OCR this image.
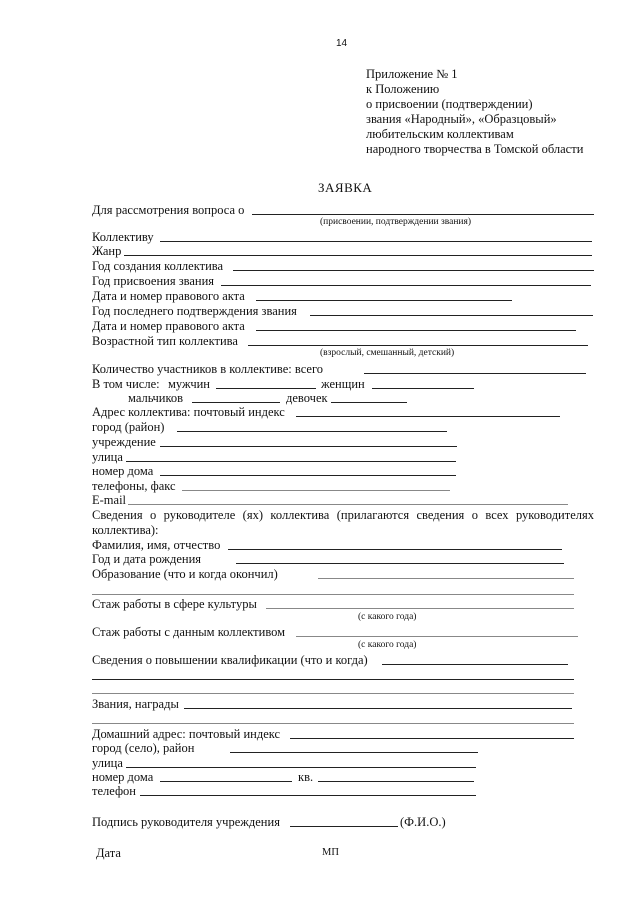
14
Приложение № 1
к Положению
о присвоении (подтверждении)
звания «Народный», «Образцовый»
любительским коллективам
народного творчества в Томской области
ЗАЯВКА
Для рассмотрения вопроса о
(присвоении, подтверждении звания)
Коллективу
Жанр
Год создания коллектива
Год присвоения звания
Дата и номер правового акта
Год последнего подтверждения звания
Дата и номер правового акта
Возрастной тип коллектива
(взрослый, смешанный, детский)
Количество участников в коллективе: всего
В том числе: мужчин	женщин
мальчиков	девочек
Адрес коллектива: почтовый индекс
город (район)
учреждение
улица
номер дома
телефоны, факс
E-mail
Сведения о руководителе (ях) коллектива (прилагаются сведения о всех руководителях коллектива):
Фамилия, имя, отчество
Год и дата рождения
Образование (что и когда окончил)
Стаж работы в сфере культуры
(с какого года)
Стаж работы с данным коллективом
(с какого года)
Сведения о повышении квалификации (что и когда)
Звания, награды
Домашний адрес: почтовый индекс
город (село), район
улица
номер дома	кв.
телефон
Подпись руководителя учреждения	(Ф.И.О.)
Дата	МП
